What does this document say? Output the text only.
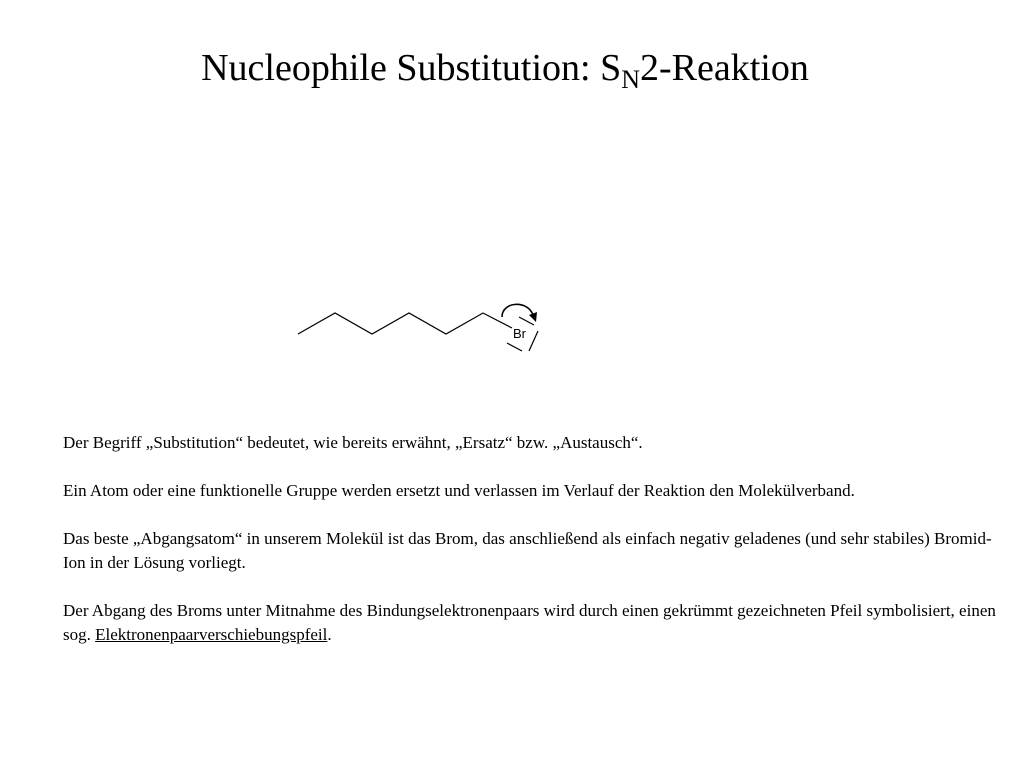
Nucleophile Substitution: $S_N2$-Reaktion
Br

Der Begriff „Substitution“ bedeutet, wie bereits erwähnt, „Ersatz“ bzw. „Austausch“.

Ein Atom oder eine funktionelle Gruppe werden ersetzt und verlassen im Verlauf der Reaktion den Molekülverband.

Das beste „Abgangsatom“ in unserem Molekül ist das Brom, das anschließend als einfach negativ geladenes (und sehr stabiles) Bromid-Ion in der Lösung vorliegt.

Der Abgang des Broms unter Mitnahme des Bindungselektronenpaars wird durch einen gekrümmt gezeichneten Pfeil symbolisiert, einen sog. Elektronenpaarverschiebungspfeil.
